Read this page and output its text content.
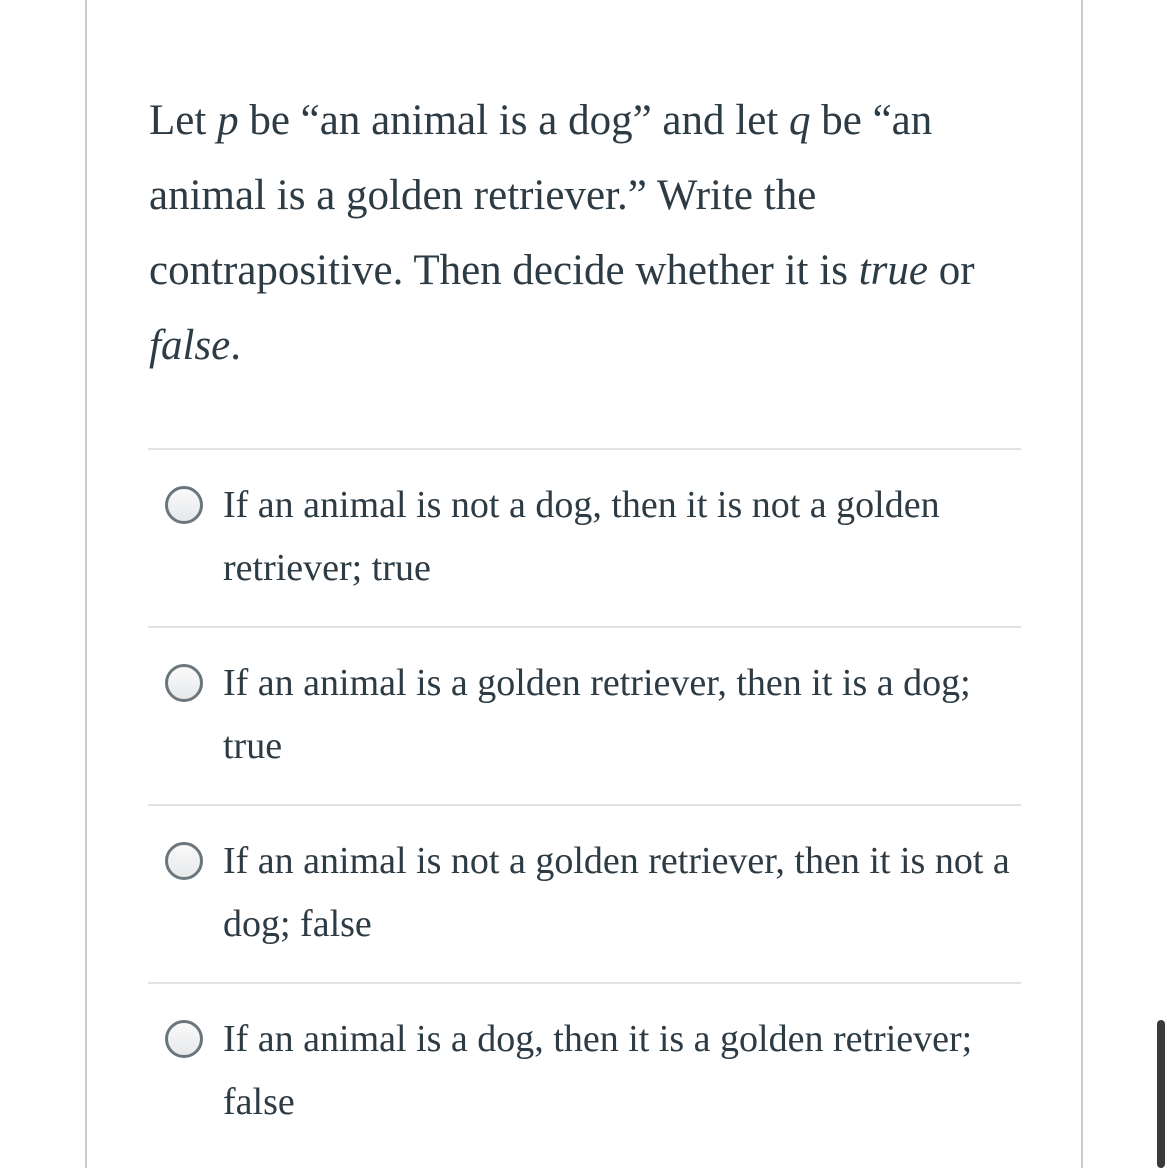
Let p be “an animal is a dog” and let q be “an animal is a golden retriever.” Write the contrapositive. Then decide whether it is true or false.
If an animal is not a dog, then it is not a golden retriever; true
If an animal is a golden retriever, then it is a dog; true
If an animal is not a golden retriever, then it is not a dog; false
If an animal is a dog, then it is a golden retriever; false
